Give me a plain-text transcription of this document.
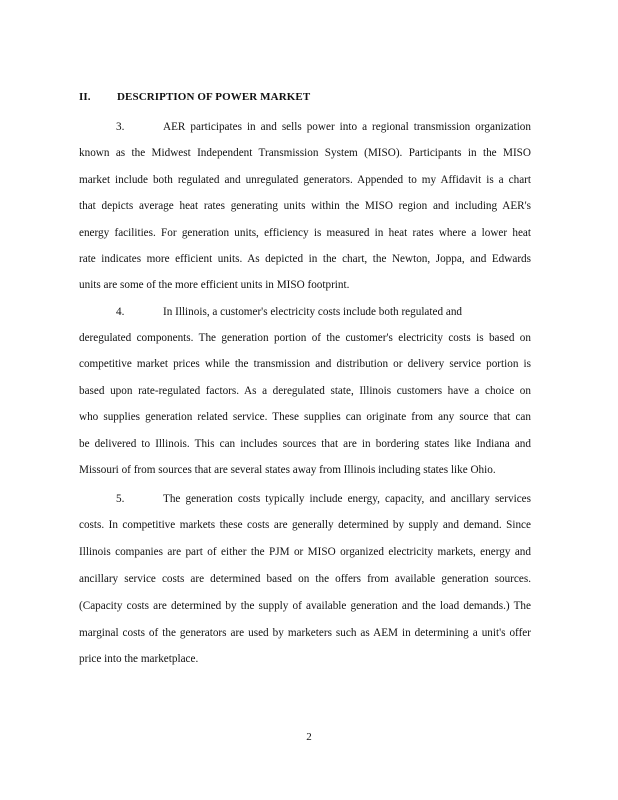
II. DESCRIPTION OF POWER MARKET
3.	AER participates in and sells power into a regional transmission organization
known as the Midwest Independent Transmission System (MISO). Participants in the MISO
market include both regulated and unregulated generators. Appended to my Affidavit is a chart
that depicts average heat rates generating units within the MISO region and including AER's
energy facilities. For generation units, efficiency is measured in heat rates where a lower heat
rate indicates more efficient units. As depicted in the chart, the Newton, Joppa, and Edwards
units are some of the more efficient units in MISO footprint.
4.	In Illinois, a customer's electricity costs include both regulated and
deregulated components. The generation portion of the customer's electricity costs is based on
competitive market prices while the transmission and distribution or delivery service portion is
based upon rate-regulated factors. As a deregulated state, Illinois customers have a choice on
who supplies generation related service. These supplies can originate from any source that can
be delivered to Illinois. This can includes sources that are in bordering states like Indiana and
Missouri of from sources that are several states away from Illinois including states like Ohio.
5.	The generation costs typically include energy, capacity, and ancillary services
costs. In competitive markets these costs are generally determined by supply and demand. Since
Illinois companies are part of either the PJM or MISO organized electricity markets, energy and
ancillary service costs are determined based on the offers from available generation sources.
(Capacity costs are determined by the supply of available generation and the load demands.) The
marginal costs of the generators are used by marketers such as AEM in determining a unit's offer
price into the marketplace.
2
